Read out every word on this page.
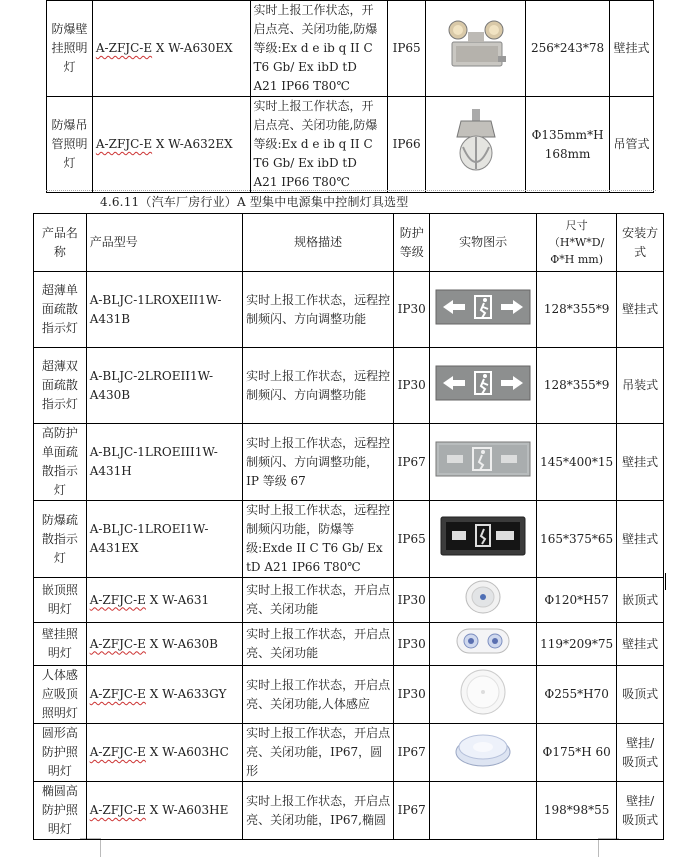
防爆壁挂照明灯	A-ZFJC-E X W-A630EX	实时上报工作状态，开启点亮、关闭功能,防爆等级:Ex d e ib q II C T6 Gb/ Ex ibD tD A21 IP66 T80℃	IP65		256*243*78	壁挂式
防爆吊管照明灯	A-ZFJC-E X W-A632EX	实时上报工作状态，开启点亮、关闭功能,防爆等级:Ex d e ib q II C T6 Gb/ Ex ibD tD A21 IP66 T80℃	IP66		Φ135mm*H 168mm	吊管式
4.6.11（汽车厂房行业）A 型集中电源集中控制灯具选型
产品名称	产品型号	规格描述	防护等级	实物图示	尺寸（H*W*D/Φ*H mm)	安装方式
超薄单面疏散指示灯	A-BLJC-1LROXEII1W-A431B	实时上报工作状态，远程控制频闪、方向调整功能	IP30		128*355*9	壁挂式
超薄双面疏散指示灯	A-BLJC-2LROEII1W-A430B	实时上报工作状态，远程控制频闪、方向调整功能	IP30		128*355*9	吊装式
高防护单面疏散指示灯	A-BLJC-1LROEIII1W-A431H	实时上报工作状态，远程控制频闪、方向调整功能，IP 等级 67	IP67		145*400*15	壁挂式
防爆疏散指示灯	A-BLJC-1LROEI1W-A431EX	实时上报工作状态，远程控制频闪功能，防爆等级:Exde II C T6 Gb/ Ex tD A21 IP66 T80℃	IP65		165*375*65	壁挂式
嵌顶照明灯	A-ZFJC-E X W-A631	实时上报工作状态，开启点亮、关闭功能	IP30		Φ120*H57	嵌顶式
壁挂照明灯	A-ZFJC-E X W-A630B	实时上报工作状态，开启点亮、关闭功能	IP30		119*209*75	壁挂式
人体感应吸顶照明灯	A-ZFJC-E X W-A633GY	实时上报工作状态，开启点亮、关闭功能,人体感应	IP30		Φ255*H70	吸顶式
圆形高防护照明灯	A-ZFJC-E X W-A603HC	实时上报工作状态，开启点亮、关闭功能，IP67，圆形	IP67		Φ175*H 60	壁挂/吸顶式
椭圆高防护照明灯	A-ZFJC-E X W-A603HE	实时上报工作状态，开启点亮、关闭功能，IP67,椭圆	IP67		198*98*55	壁挂/吸顶式
